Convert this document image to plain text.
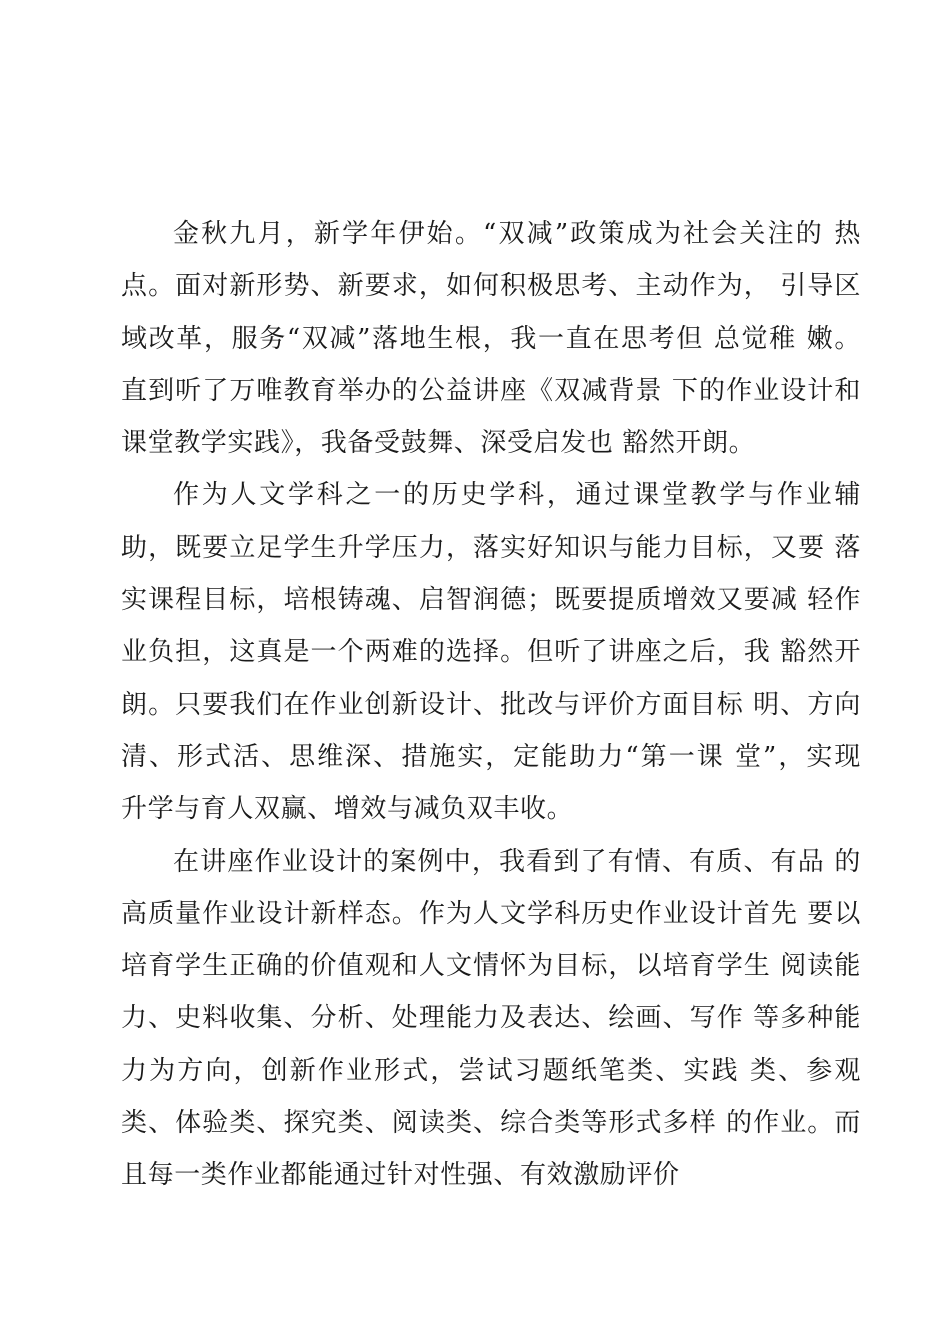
金秋九月，新学年伊始。“双减”政策成为社会关注的 热
点。面对新形势、新要求，如何积极思考、主动作为， 引导区
域改革，服务“双减”落地生根，我一直在思考但 总觉稚 嫩。
直到听了万唯教育举办的公益讲座《双减背景 下的作业设计和
课堂教学实践》，我备受鼓舞、深受启发也 豁然开朗。
作为人文学科之一的历史学科，通过课堂教学与作业辅
助，既要立足学生升学压力，落实好知识与能力目标，又要 落
实课程目标，培根铸魂、启智润德；既要提质增效又要减 轻作
业负担，这真是一个两难的选择。但听了讲座之后，我 豁然开
朗。只要我们在作业创新设计、批改与评价方面目标 明、方向
清、形式活、思维深、措施实，定能助力“第一课 堂”，实现
升学与育人双赢、增效与减负双丰收。
在讲座作业设计的案例中，我看到了有情、有质、有品 的
高质量作业设计新样态。作为人文学科历史作业设计首先 要以
培育学生正确的价值观和人文情怀为目标，以培育学生 阅读能
力、史料收集、分析、处理能力及表达、绘画、写作 等多种能
力为方向，创新作业形式，尝试习题纸笔类、实践 类、参观
类、体验类、探究类、阅读类、综合类等形式多样 的作业。而
且每一类作业都能通过针对性强、有效激励评价
